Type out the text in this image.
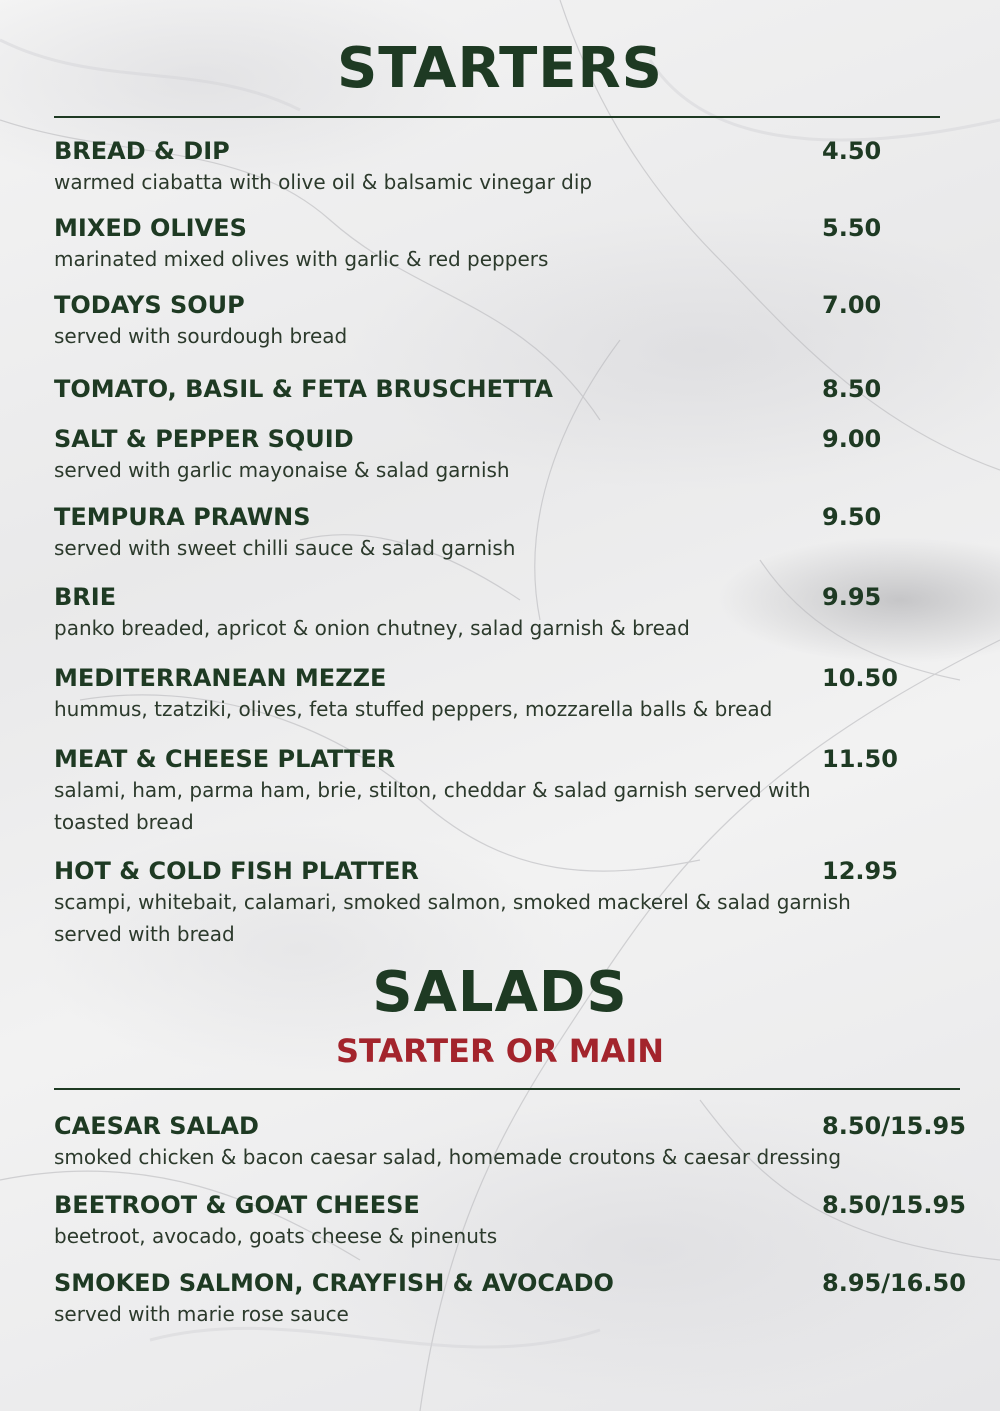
STARTERS
BREAD & DIP	4.50
warmed ciabatta with olive oil & balsamic vinegar dip
MIXED OLIVES	5.50
marinated mixed olives with garlic & red peppers
TODAYS SOUP	7.00
served with sourdough bread
TOMATO, BASIL & FETA BRUSCHETTA	8.50
SALT & PEPPER SQUID	9.00
served with garlic mayonaise & salad garnish
TEMPURA PRAWNS	9.50
served with sweet chilli sauce & salad garnish
BRIE	9.95
panko breaded, apricot & onion chutney, salad garnish & bread
MEDITERRANEAN MEZZE	10.50
hummus, tzatziki, olives, feta stuffed peppers, mozzarella balls & bread
MEAT & CHEESE PLATTER	11.50
salami, ham, parma ham, brie, stilton, cheddar & salad garnish served with toasted bread
HOT & COLD FISH PLATTER	12.95
scampi, whitebait, calamari, smoked salmon, smoked mackerel & salad garnish served with bread
SALADS
STARTER OR MAIN
CAESAR SALAD	8.50/15.95
smoked chicken & bacon caesar salad, homemade croutons & caesar dressing
BEETROOT & GOAT CHEESE	8.50/15.95
beetroot, avocado, goats cheese & pinenuts
SMOKED SALMON, CRAYFISH & AVOCADO	8.95/16.50
served with marie rose sauce
